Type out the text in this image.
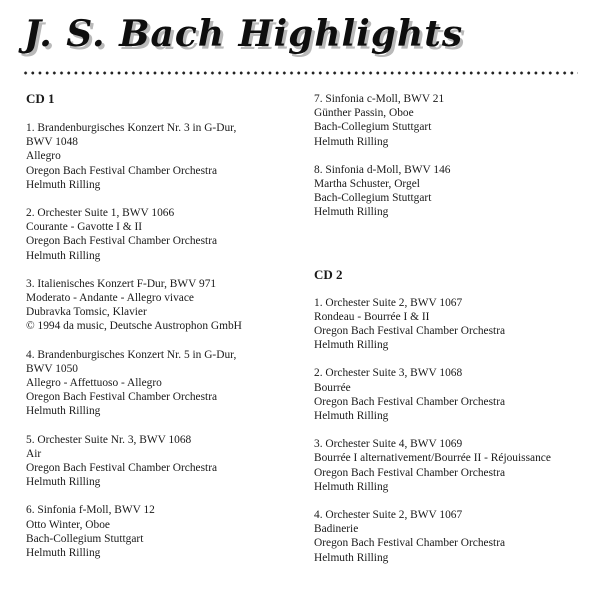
J. S. Bach Highlights
CD 1
1. Brandenburgisches Konzert Nr. 3 in G-Dur,
BWV 1048
Allegro
Oregon Bach Festival Chamber Orchestra
Helmuth Rilling
2. Orchester Suite 1, BWV 1066
Courante - Gavotte I & II
Oregon Bach Festival Chamber Orchestra
Helmuth Rilling
3. Italienisches Konzert F-Dur, BWV 971
Moderato - Andante - Allegro vivace
Dubravka Tomsic, Klavier
© 1994 da music, Deutsche Austrophon GmbH
4. Brandenburgisches Konzert Nr. 5 in G-Dur,
BWV 1050
Allegro - Affettuoso - Allegro
Oregon Bach Festival Chamber Orchestra
Helmuth Rilling
5. Orchester Suite Nr. 3, BWV 1068
Air
Oregon Bach Festival Chamber Orchestra
Helmuth Rilling
6. Sinfonia f-Moll, BWV 12
Otto Winter, Oboe
Bach-Collegium Stuttgart
Helmuth Rilling
7. Sinfonia c-Moll, BWV 21
Günther Passin, Oboe
Bach-Collegium Stuttgart
Helmuth Rilling
8. Sinfonia d-Moll, BWV 146
Martha Schuster, Orgel
Bach-Collegium Stuttgart
Helmuth Rilling
CD 2
1. Orchester Suite 2, BWV 1067
Rondeau - Bourrée I & II
Oregon Bach Festival Chamber Orchestra
Helmuth Rilling
2. Orchester Suite 3, BWV 1068
Bourrée
Oregon Bach Festival Chamber Orchestra
Helmuth Rilling
3. Orchester Suite 4, BWV 1069
Bourrée I alternativement/Bourrée II - Réjouissance
Oregon Bach Festival Chamber Orchestra
Helmuth Rilling
4. Orchester Suite 2, BWV 1067
Badinerie
Oregon Bach Festival Chamber Orchestra
Helmuth Rilling
